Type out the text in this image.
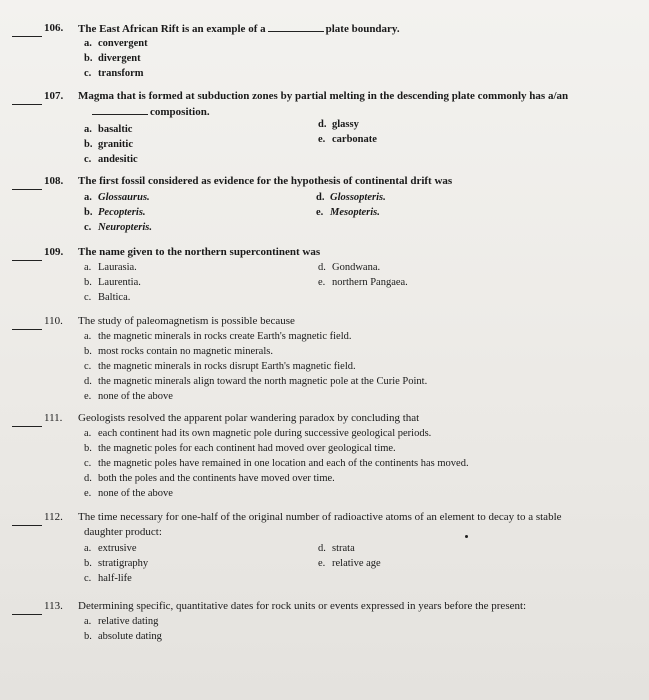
106. The East African Rift is an example of a	plate boundary.
a. convergent
b. divergent
c. transform
107. Magma that is formed at subduction zones by partial melting in the descending plate commonly has a/an
composition.
a. basaltic
b. granitic
c. andesitic
d. glassy
e. carbonate
108. The first fossil considered as evidence for the hypothesis of continental drift was
a. Glossaurus.
b. Pecopteris.
c. Neuropteris.
d. Glossopteris.
e. Mesopteris.
109. The name given to the northern supercontinent was
a. Laurasia.
b. Laurentia.
c. Baltica.
d. Gondwana.
e. northern Pangaea.
110. The study of paleomagnetism is possible because
a. the magnetic minerals in rocks create Earth's magnetic field.
b. most rocks contain no magnetic minerals.
c. the magnetic minerals in rocks disrupt Earth's magnetic field.
d. the magnetic minerals align toward the north magnetic pole at the Curie Point.
e. none of the above
111. Geologists resolved the apparent polar wandering paradox by concluding that
a. each continent had its own magnetic pole during successive geological periods.
b. the magnetic poles for each continent had moved over geological time.
c. the magnetic poles have remained in one location and each of the continents has moved.
d. both the poles and the continents have moved over time.
e. none of the above
112. The time necessary for one-half of the original number of radioactive atoms of an element to decay to a stable
daughter product:
a. extrusive
b. stratigraphy
c. half-life
d. strata
e. relative age
113. Determining specific, quantitative dates for rock units or events expressed in years before the present:
a. relative dating
b. absolute dating
